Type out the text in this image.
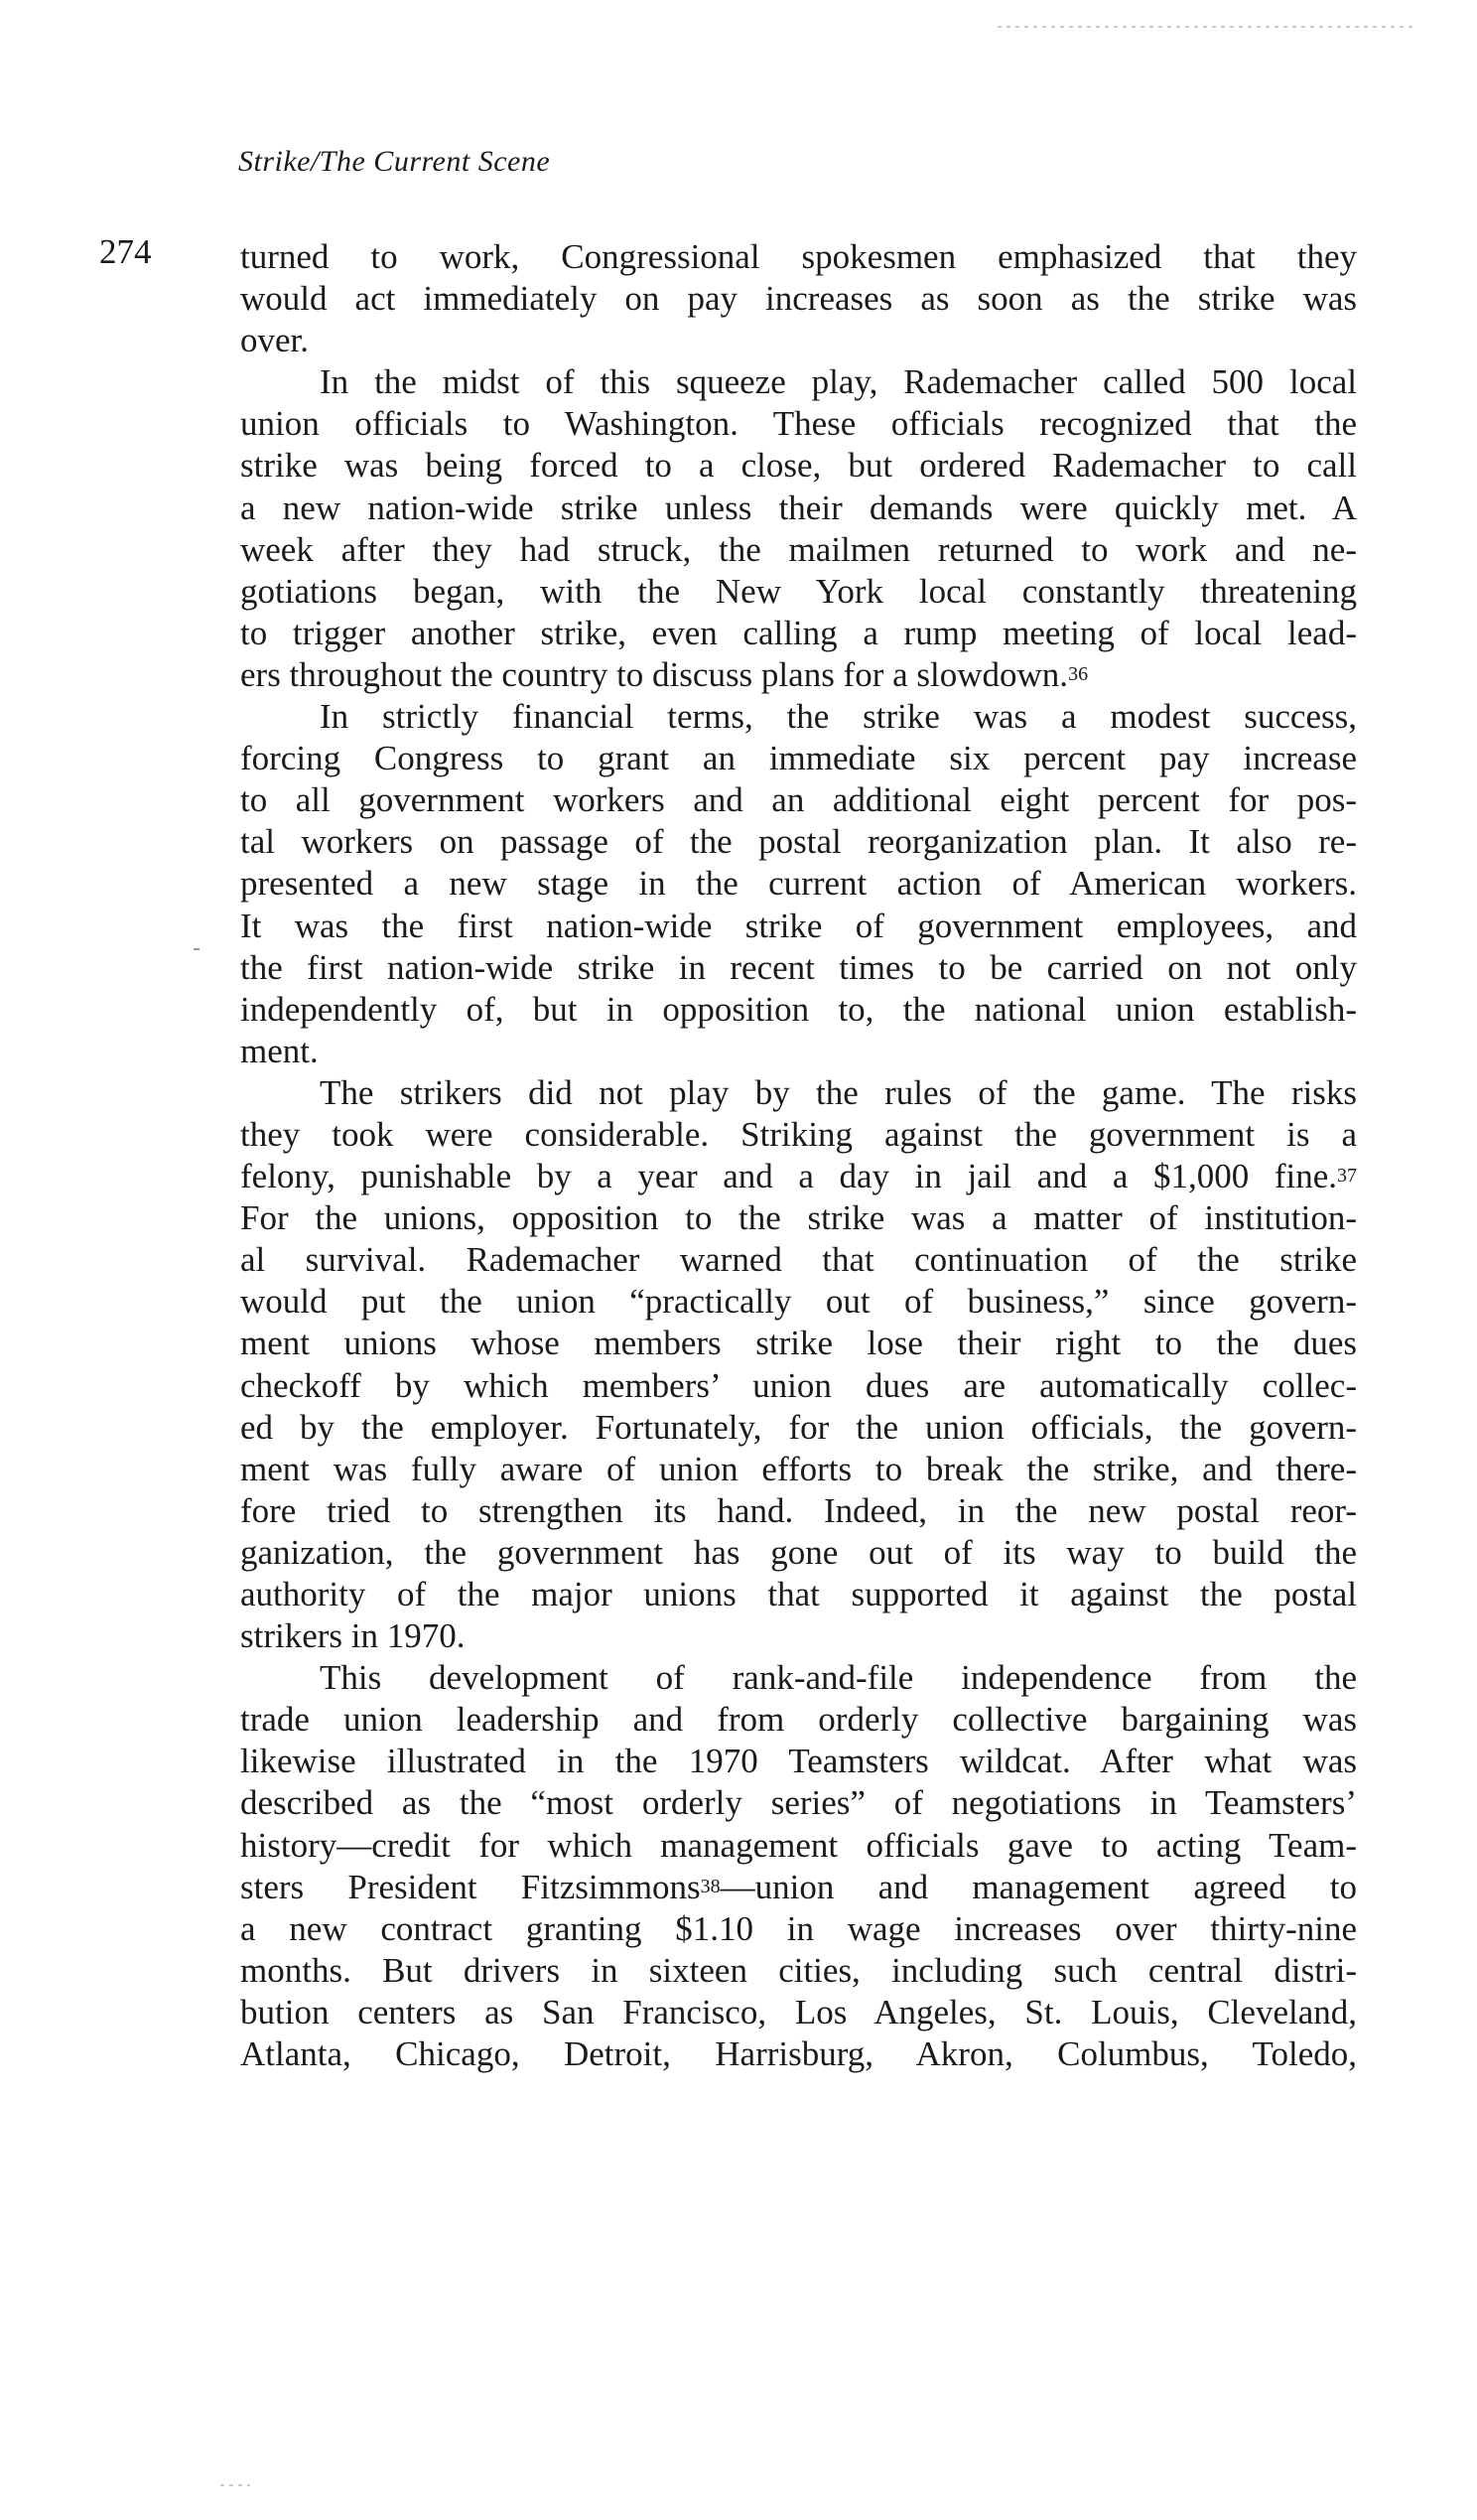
Strike/The Current Scene
274	turned to work, Congressional spokesmen emphasized that they
would act immediately on pay increases as soon as the strike was
over.
In the midst of this squeeze play, Rademacher called 500 local
union officials to Washington. These officials recognized that the
strike was being forced to a close, but ordered Rademacher to call
a new nation-wide strike unless their demands were quickly met. A
week after they had struck, the mailmen returned to work and ne-
gotiations began, with the New York local constantly threatening
to trigger another strike, even calling a rump meeting of local lead-
ers throughout the country to discuss plans for a slowdown.$^{36}$
In strictly financial terms, the strike was a modest success,
forcing Congress to grant an immediate six percent pay increase
to all government workers and an additional eight percent for pos-
tal workers on passage of the postal reorganization plan. It also re-
presented a new stage in the current action of American workers.
It was the first nation-wide strike of government employees, and
the first nation-wide strike in recent times to be carried on not only
independently of, but in opposition to, the national union establish-
ment.
The strikers did not play by the rules of the game. The risks
they took were considerable. Striking against the government is a
felony, punishable by a year and a day in jail and a $1,000 fine.$^{37}$
For the unions, opposition to the strike was a matter of institution-
al survival. Rademacher warned that continuation of the strike
would put the union “practically out of business,” since govern-
ment unions whose members strike lose their right to the dues
checkoff by which members’ union dues are automatically collec-
ed by the employer. Fortunately, for the union officials, the govern-
ment was fully aware of union efforts to break the strike, and there-
fore tried to strengthen its hand. Indeed, in the new postal reor-
ganization, the government has gone out of its way to build the
authority of the major unions that supported it against the postal
strikers in 1970.
This development of rank-and-file independence from the
trade union leadership and from orderly collective bargaining was
likewise illustrated in the 1970 Teamsters wildcat. After what was
described as the “most orderly series” of negotiations in Teamsters’
history—credit for which management officials gave to acting Team-
sters President Fitzsimmons$^{38}$—union and management agreed to
a new contract granting $1.10 in wage increases over thirty-nine
months. But drivers in sixteen cities, including such central distri-
bution centers as San Francisco, Los Angeles, St. Louis, Cleveland,
Atlanta, Chicago, Detroit, Harrisburg, Akron, Columbus, Toledo,
